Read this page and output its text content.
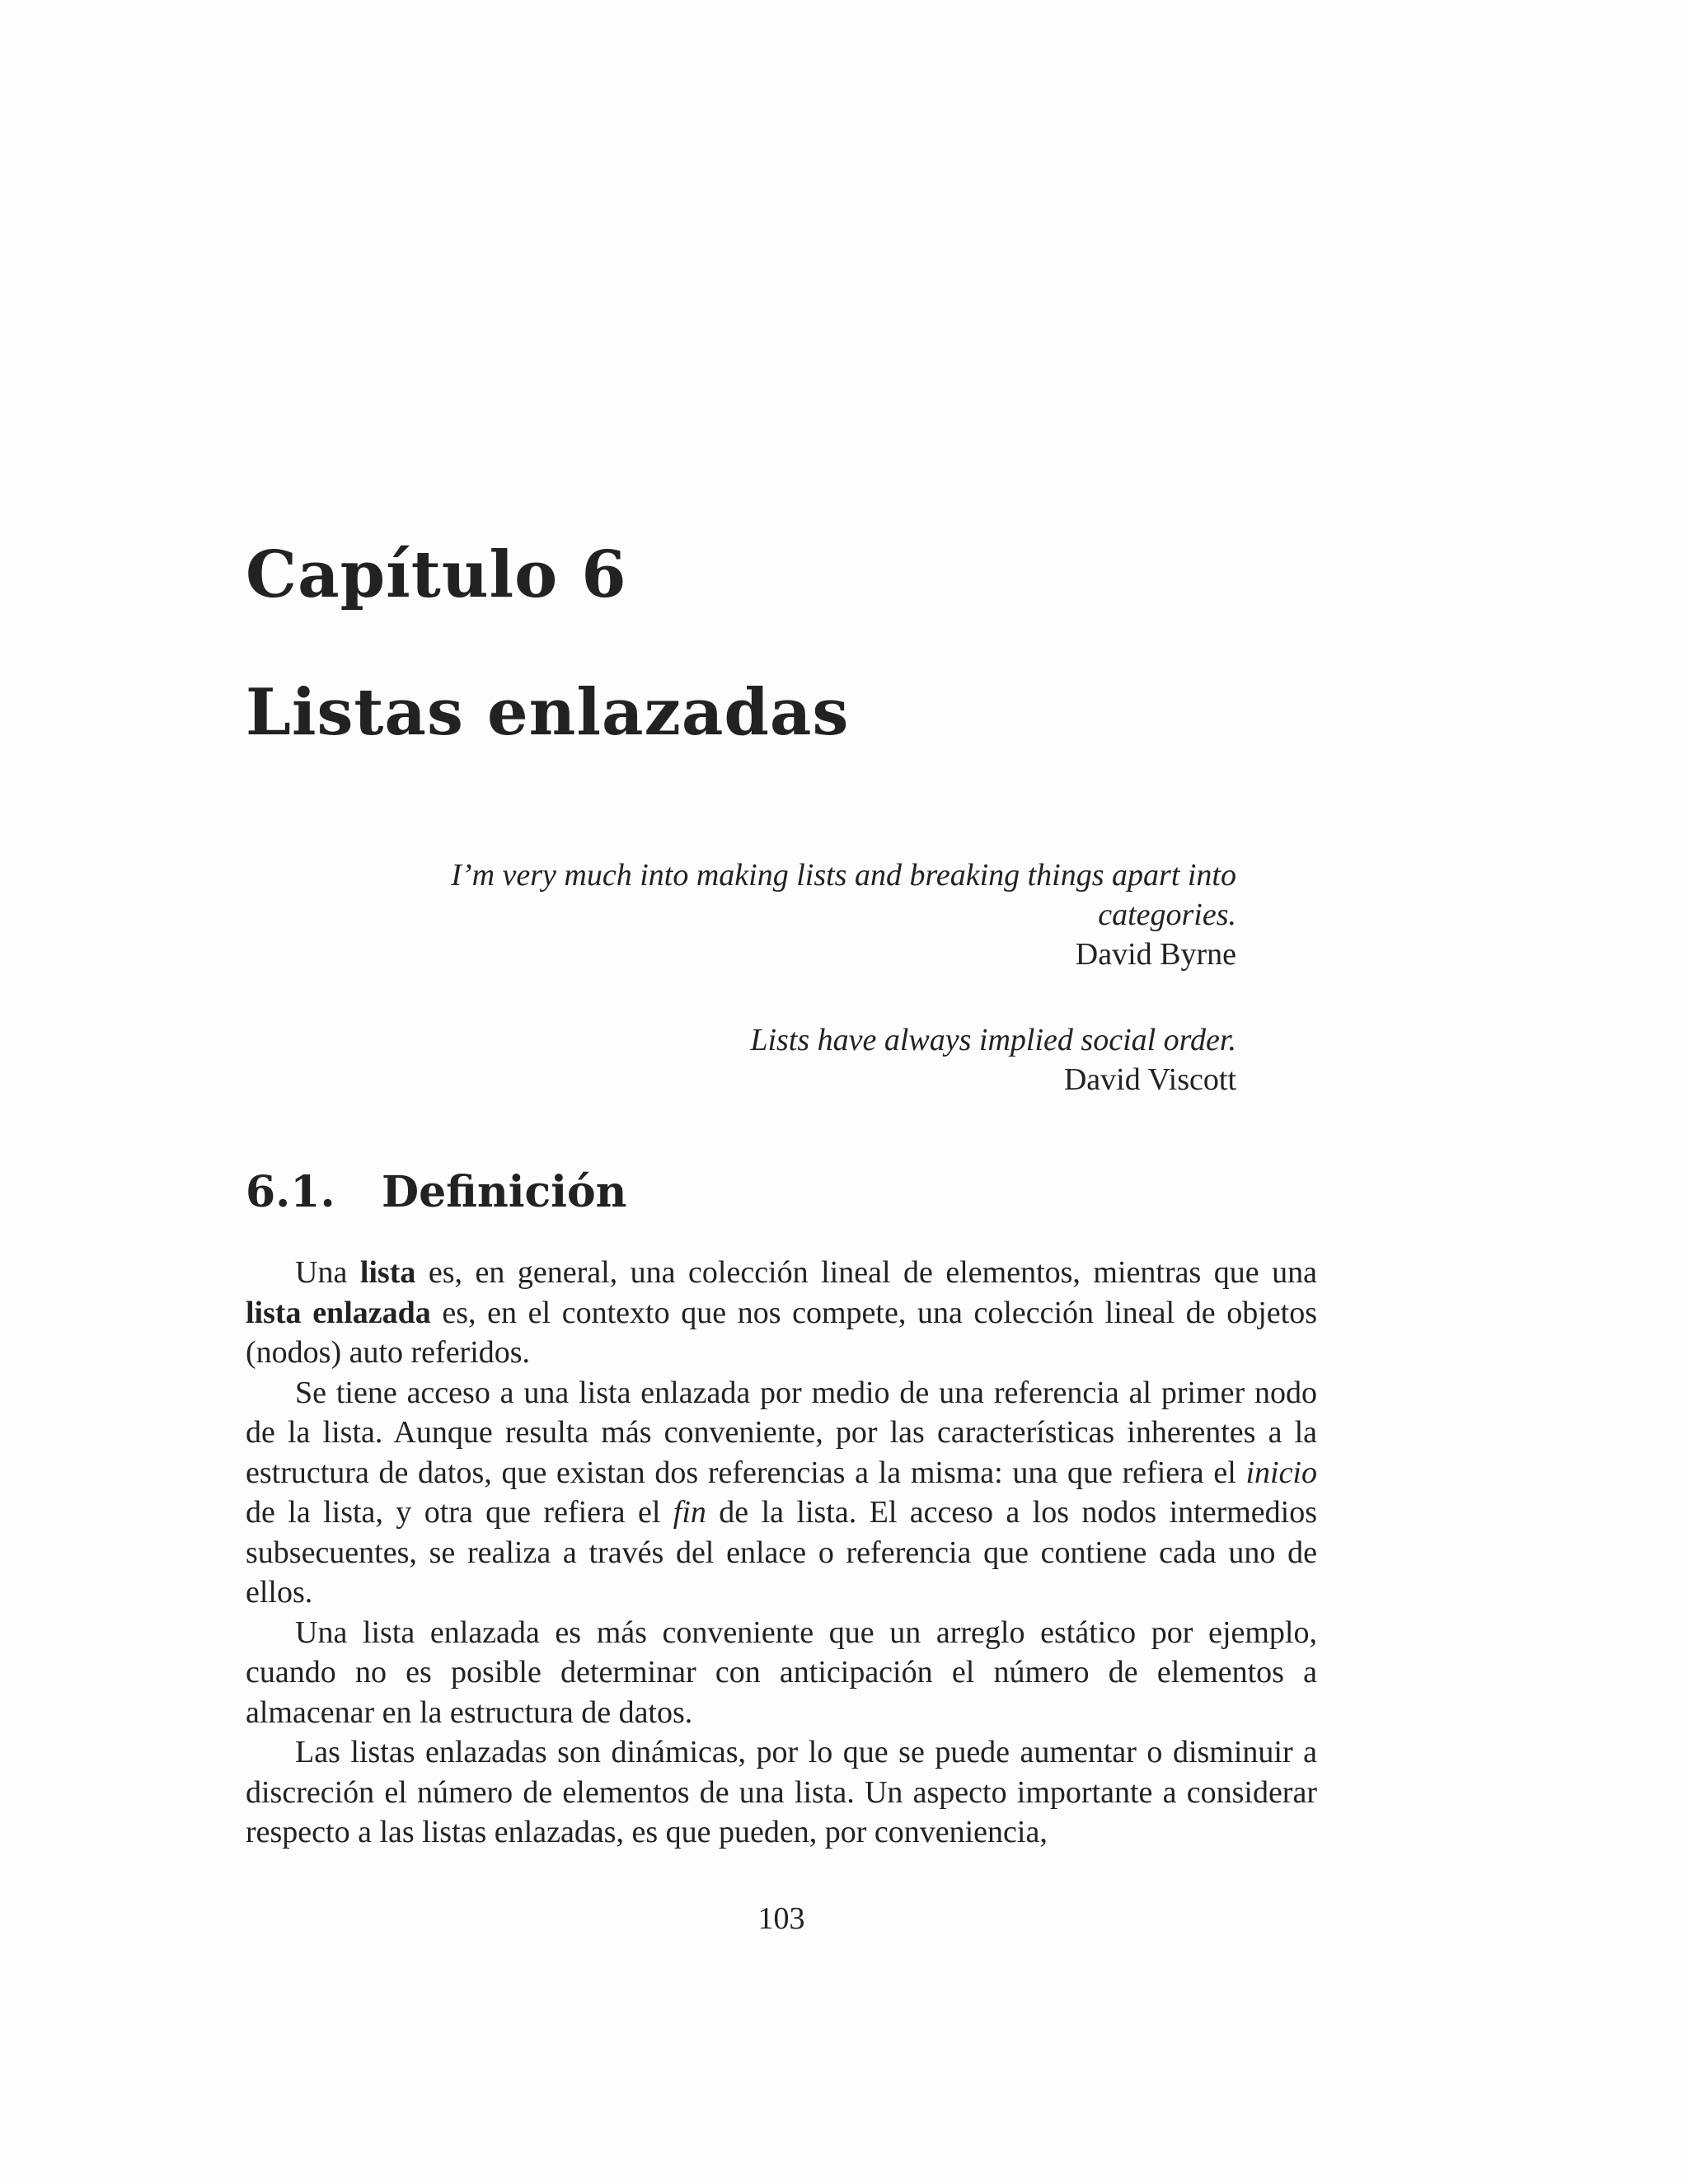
Capítulo 6
Listas enlazadas
I’m very much into making lists and breaking things apart into categories.
David Byrne
Lists have always implied social order.
David Viscott
6.1. Definición

Una lista es, en general, una colección lineal de elementos, mientras que una lista enlazada es, en el contexto que nos compete, una colección lineal de objetos (nodos) auto referidos.

Se tiene acceso a una lista enlazada por medio de una referencia al primer nodo de la lista. Aunque resulta más conveniente, por las características inherentes a la estructura de datos, que existan dos referencias a la misma: una que refiera el inicio de la lista, y otra que refiera el fin de la lista. El acceso a los nodos intermedios subsecuentes, se realiza a través del enlace o referencia que contiene cada uno de ellos.

Una lista enlazada es más conveniente que un arreglo estático por ejemplo, cuando no es posible determinar con anticipación el número de elementos a almacenar en la estructura de datos.

Las listas enlazadas son dinámicas, por lo que se puede aumentar o disminuir a discreción el número de elementos de una lista. Un aspecto importante a considerar respecto a las listas enlazadas, es que pueden, por conveniencia,

103
